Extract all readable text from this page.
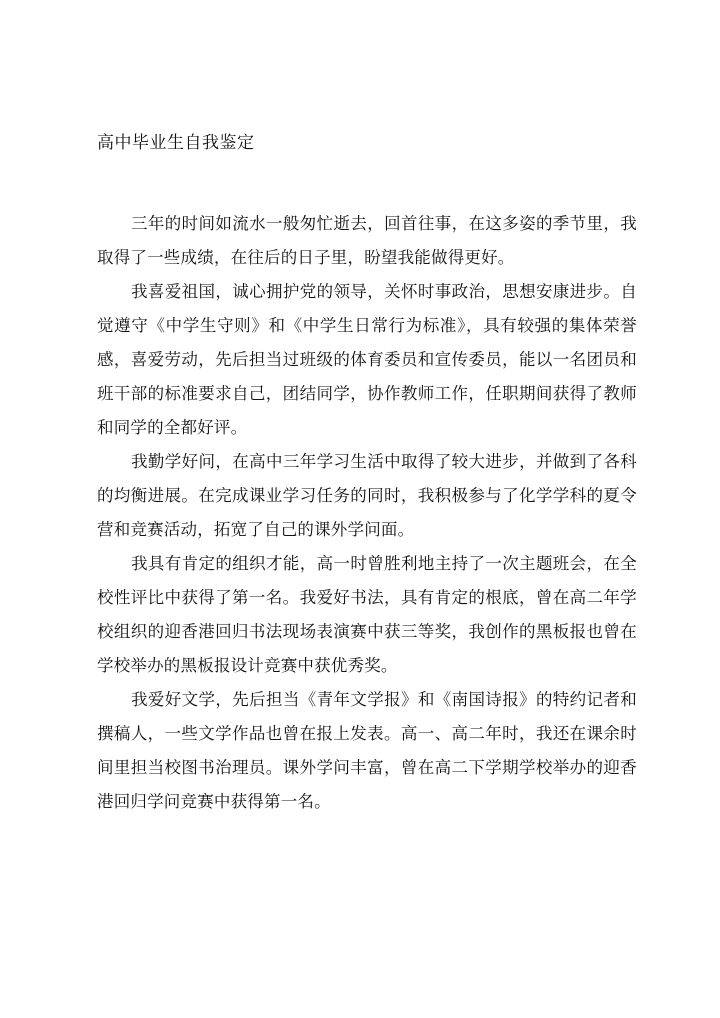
高中毕业生自我鉴定

三年的时间如流水一般匆忙逝去，回首往事，在这多姿的季节里，我取得了一些成绩，在往后的日子里，盼望我能做得更好。

我喜爱祖国，诚心拥护党的领导，关怀时事政治，思想安康进步。自觉遵守《中学生守则》和《中学生日常行为标准》，具有较强的集体荣誉感，喜爱劳动，先后担当过班级的体育委员和宣传委员，能以一名团员和班干部的标准要求自己，团结同学，协作教师工作，任职期间获得了教师和同学的全都好评。

我勤学好问，在高中三年学习生活中取得了较大进步，并做到了各科的均衡进展。在完成课业学习任务的同时，我积极参与了化学学科的夏令营和竞赛活动，拓宽了自己的课外学问面。

我具有肯定的组织才能，高一时曾胜利地主持了一次主题班会，在全校性评比中获得了第一名。我爱好书法，具有肯定的根底，曾在高二年学校组织的迎香港回归书法现场表演赛中获三等奖，我创作的黑板报也曾在学校举办的黑板报设计竞赛中获优秀奖。

我爱好文学，先后担当《青年文学报》和《南国诗报》的特约记者和撰稿人，一些文学作品也曾在报上发表。高一、高二年时，我还在课余时间里担当校图书治理员。课外学问丰富，曾在高二下学期学校举办的迎香港回归学问竞赛中获得第一名。
